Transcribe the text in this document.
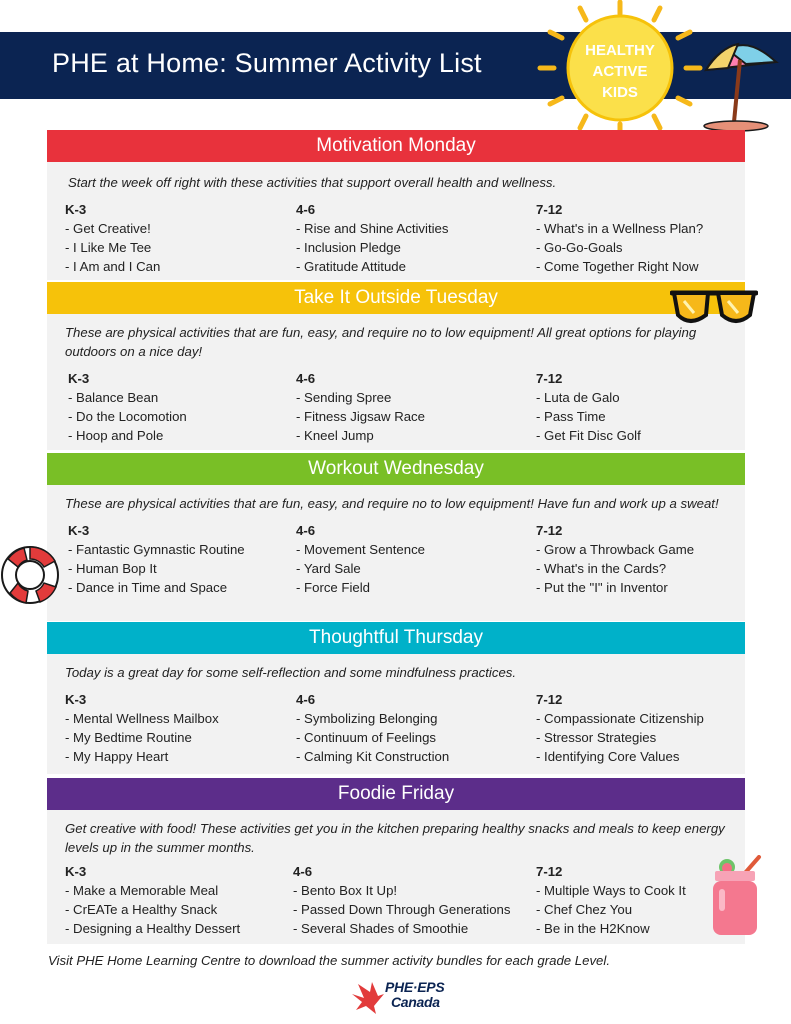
PHE at Home: Summer Activity List	HEALTHY
ACTIVE
KIDS
Motivation Monday
Start the week off right with these activities that support overall health and wellness.
K-3
- Get Creative!
- I Like Me Tee
- I Am and I Can
4-6
- Rise and Shine Activities
- Inclusion Pledge
- Gratitude Attitude
7-12
- What's in a Wellness Plan?
- Go-Go-Goals
- Come Together Right Now
Take It Outside Tuesday
These are physical activities that are fun, easy, and require no to low equipment! All great options for playing outdoors on a nice day!
K-3
- Balance Bean
- Do the Locomotion
- Hoop and Pole
4-6
- Sending Spree
- Fitness Jigsaw Race
- Kneel Jump
7-12
- Luta de Galo
- Pass Time
- Get Fit Disc Golf
Workout Wednesday
These are physical activities that are fun, easy, and require no to low equipment! Have fun and work up a sweat!
K-3
- Fantastic Gymnastic Routine
- Human Bop It
- Dance in Time and Space
4-6
- Movement Sentence
- Yard Sale
- Force Field
7-12
- Grow a Throwback Game
- What's in the Cards?
- Put the "I" in Inventor
Thoughtful Thursday
Today is a great day for some self-reflection and some mindfulness practices.
K-3
- Mental Wellness Mailbox
- My Bedtime Routine
- My Happy Heart
4-6
- Symbolizing Belonging
- Continuum of Feelings
- Calming Kit Construction
7-12
- Compassionate Citizenship
- Stressor Strategies
- Identifying Core Values
Foodie Friday
Get creative with food! These activities get you in the kitchen preparing healthy snacks and meals to keep energy levels up in the summer months.
K-3
- Make a Memorable Meal
- CrEATe a Healthy Snack
- Designing a Healthy Dessert
4-6
- Bento Box It Up!
- Passed Down Through Generations
- Several Shades of Smoothie
7-12
- Multiple Ways to Cook It
- Chef Chez You
- Be in the H2Know
Visit PHE Home Learning Centre to download the summer activity bundles for each grade Level.
PHE·EPS
Canada
